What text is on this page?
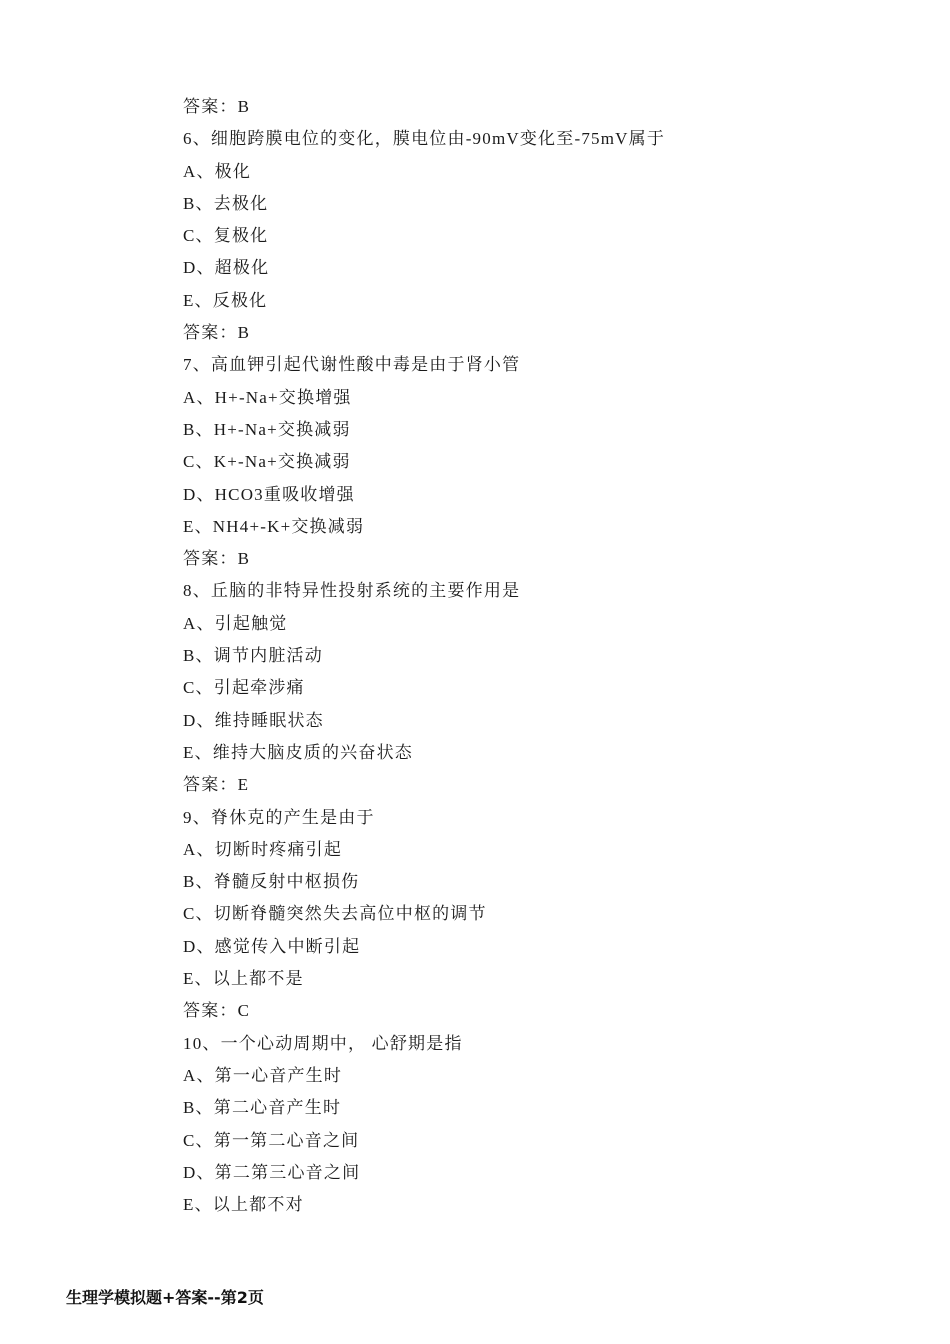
答案：B
6、细胞跨膜电位的变化，膜电位由-90mV变化至-75mV属于
A、极化
B、去极化
C、复极化
D、超极化
E、反极化
答案：B
7、高血钾引起代谢性酸中毒是由于肾小管
A、H+-Na+交换增强
B、H+-Na+交换减弱
C、K+-Na+交换减弱
D、HCO3重吸收增强
E、NH4+-K+交换减弱
答案：B
8、丘脑的非特异性投射系统的主要作用是
A、引起触觉
B、调节内脏活动
C、引起牵涉痛
D、维持睡眠状态
E、维持大脑皮质的兴奋状态
答案：E
9、脊休克的产生是由于
A、切断时疼痛引起
B、脊髓反射中枢损伤
C、切断脊髓突然失去高位中枢的调节
D、感觉传入中断引起
E、以上都不是
答案：C
10、一个心动周期中， 心舒期是指
A、第一心音产生时
B、第二心音产生时
C、第一第二心音之间
D、第二第三心音之间
E、以上都不对
生理学模拟题+答案--第2页
